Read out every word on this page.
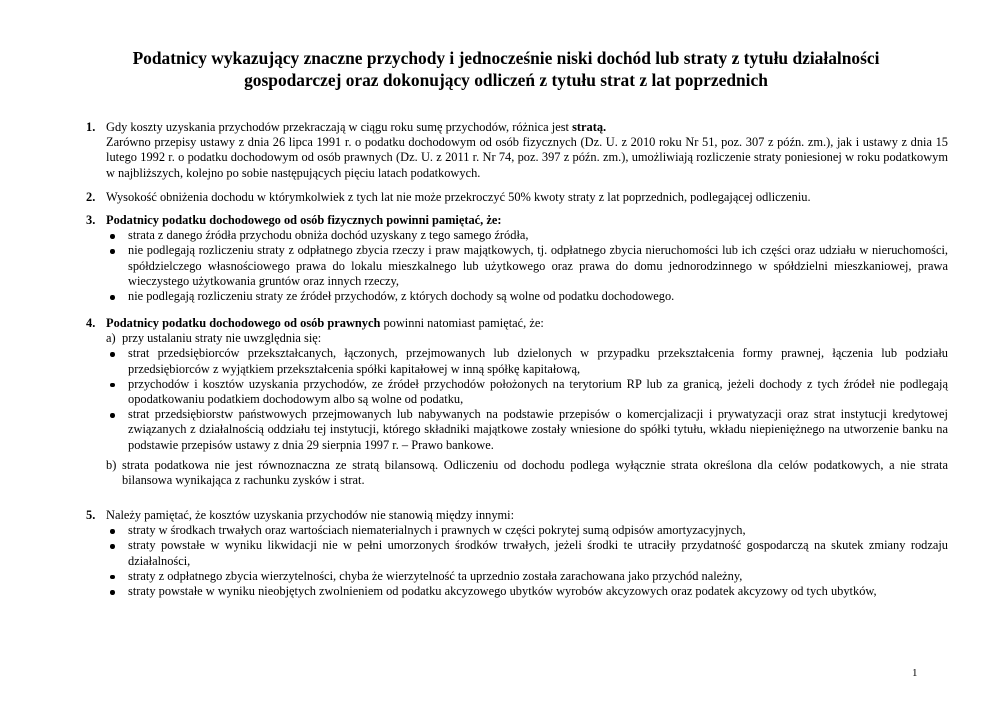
Podatnicy wykazujący znaczne przychody i jednocześnie niski dochód lub straty z tytułu działalności
gospodarczej oraz dokonujący odliczeń z tytułu strat z lat poprzednich
1. Gdy koszty uzyskania przychodów przekraczają w ciągu roku sumę przychodów, różnica jest stratą.

Zarówno przepisy ustawy z dnia 26 lipca 1991 r. o podatku dochodowym od osób fizycznych (Dz. U. z 2010 roku Nr 51, poz. 307 z późn. zm.), jak i ustawy z dnia 15 lutego 1992 r. o podatku dochodowym od osób prawnych (Dz. U. z 2011 r. Nr 74, poz. 397 z późn. zm.), umożliwiają rozliczenie straty poniesionej w roku podatkowym w najbliższych, kolejno po sobie następujących pięciu latach podatkowych.

2. Wysokość obniżenia dochodu w którymkolwiek z tych lat nie może przekroczyć 50% kwoty straty z lat poprzednich, podlegającej odliczeniu.

3. Podatnicy podatku dochodowego od osób fizycznych powinni pamiętać, że:

strata z danego źródła przychodu obniża dochód uzyskany z tego samego źródła,
nie podlegają rozliczeniu straty z odpłatnego zbycia rzeczy i praw majątkowych, tj. odpłatnego zbycia nieruchomości lub ich części oraz udziału w nieruchomości, spółdzielczego własnościowego prawa do lokalu mieszkalnego lub użytkowego oraz prawa do domu jednorodzinnego w spółdzielni mieszkaniowej, prawa wieczystego użytkowania gruntów oraz innych rzeczy,
nie podlegają rozliczeniu straty ze źródeł przychodów, z których dochody są wolne od podatku dochodowego.
4. Podatnicy podatku dochodowego od osób prawnych powinni natomiast pamiętać, że:

a) przy ustalaniu straty nie uwzględnia się:
strat przedsiębiorców przekształcanych, łączonych, przejmowanych lub dzielonych w przypadku przekształcenia formy prawnej, łączenia lub podziału przedsiębiorców z wyjątkiem przekształcenia spółki kapitałowej w inną spółkę kapitałową,
przychodów i kosztów uzyskania przychodów, ze źródeł przychodów położonych na terytorium RP lub za granicą, jeżeli dochody z tych źródeł nie podlegają opodatkowaniu podatkiem dochodowym albo są wolne od podatku,
strat przedsiębiorstw państwowych przejmowanych lub nabywanych na podstawie przepisów o komercjalizacji i prywatyzacji oraz strat instytucji kredytowej związanych z działalnością oddziału tej instytucji, którego składniki majątkowe zostały wniesione do spółki tytułu, wkładu niepieniężnego na utworzenie banku na podstawie przepisów ustawy z dnia 29 sierpnia 1997 r. – Prawo bankowe.
b) strata podatkowa nie jest równoznaczna ze stratą bilansową. Odliczeniu od dochodu podlega wyłącznie strata określona dla celów podatkowych, a nie strata bilansowa wynikająca z rachunku zysków i strat.
5. Należy pamiętać, że kosztów uzyskania przychodów nie stanowią między innymi:

straty w środkach trwałych oraz wartościach niematerialnych i prawnych w części pokrytej sumą odpisów amortyzacyjnych,
straty powstałe w wyniku likwidacji nie w pełni umorzonych środków trwałych, jeżeli środki te utraciły przydatność gospodarczą na skutek zmiany rodzaju działalności,
straty z odpłatnego zbycia wierzytelności, chyba że wierzytelność ta uprzednio została zarachowana jako przychód należny,
straty powstałe w wyniku nieobjętych zwolnieniem od podatku akcyzowego ubytków wyrobów akcyzowych oraz podatek akcyzowy od tych ubytków,
1
